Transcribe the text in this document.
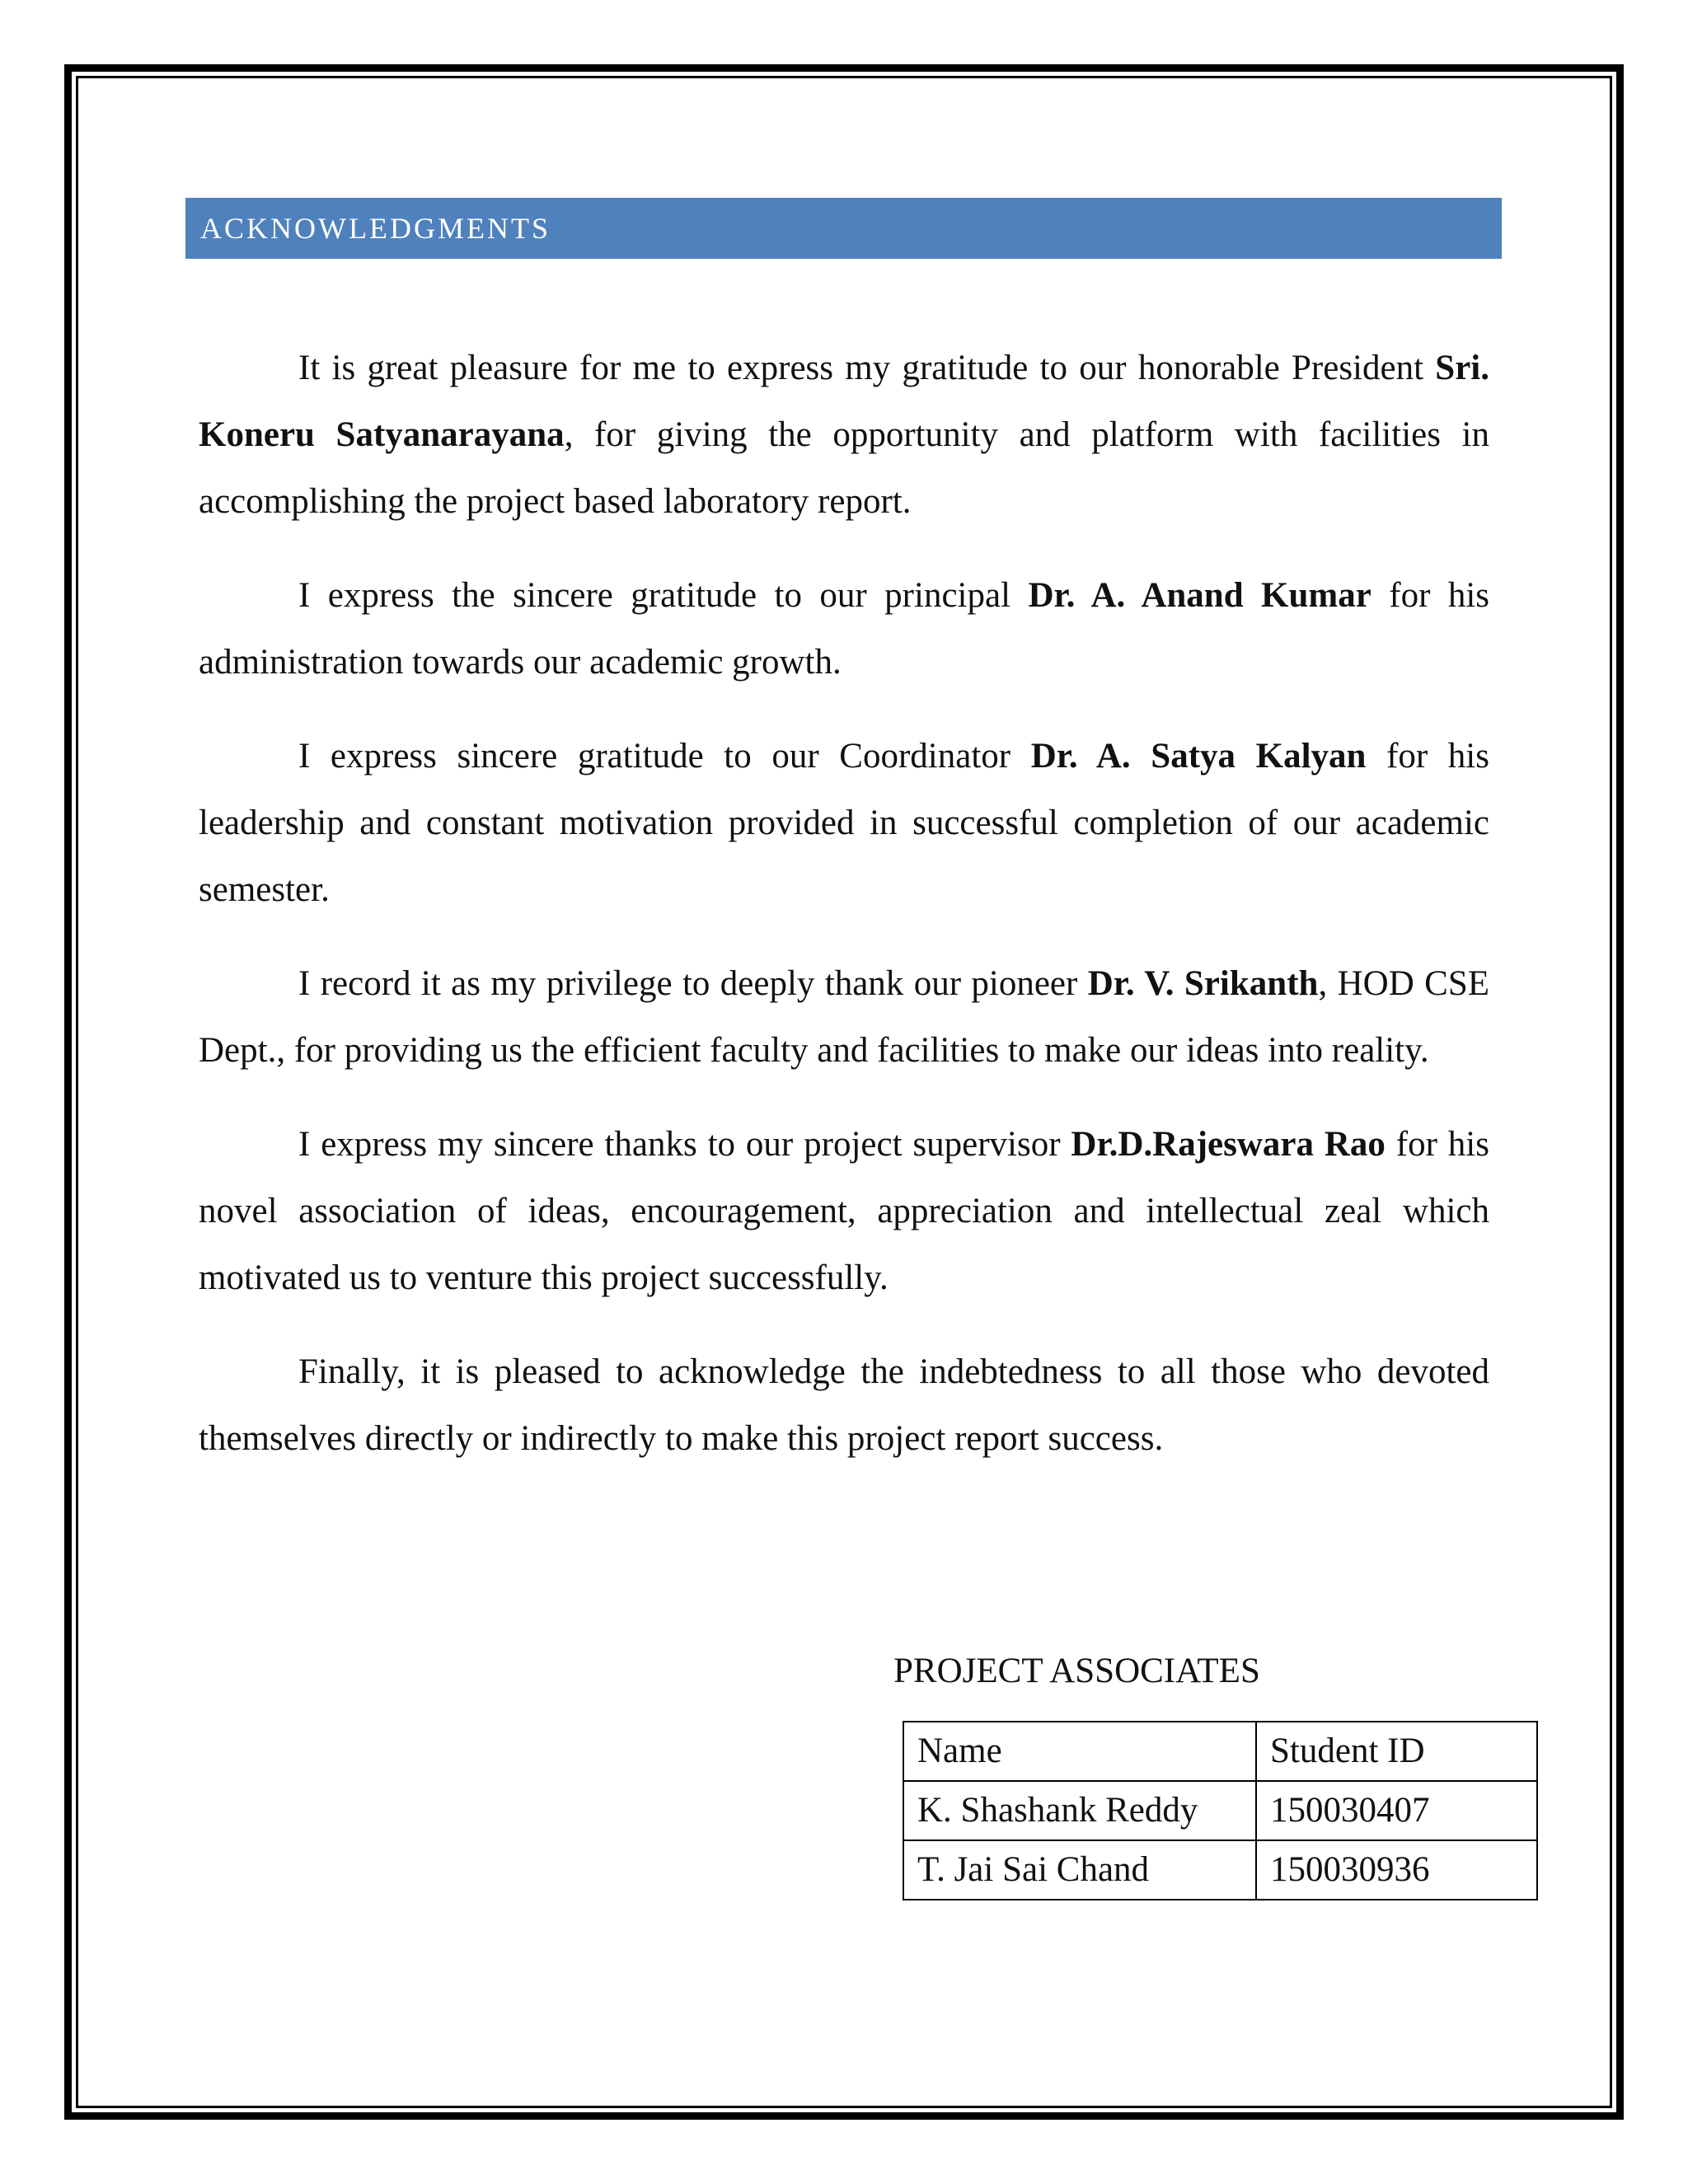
ACKNOWLEDGMENTS

It is great pleasure for me to express my gratitude to our honorable President Sri. Koneru Satyanarayana, for giving the opportunity and platform with facilities in accomplishing the project based laboratory report.

I express the sincere gratitude to our principal Dr. A. Anand Kumar for his administration towards our academic growth.

I express sincere gratitude to our Coordinator Dr. A. Satya Kalyan for his leadership and constant motivation provided in successful completion of our academic semester.

I record it as my privilege to deeply thank our pioneer Dr. V. Srikanth, HOD CSE Dept., for providing us the efficient faculty and facilities to make our ideas into reality.

I express my sincere thanks to our project supervisor Dr.D.Rajeswara Rao for his novel association of ideas, encouragement, appreciation and intellectual zeal which motivated us to venture this project successfully.

Finally, it is pleased to acknowledge the indebtedness to all those who devoted themselves directly or indirectly to make this project report success.

PROJECT ASSOCIATES
Name	Student ID
K. Shashank Reddy	150030407
T. Jai Sai Chand	150030936
